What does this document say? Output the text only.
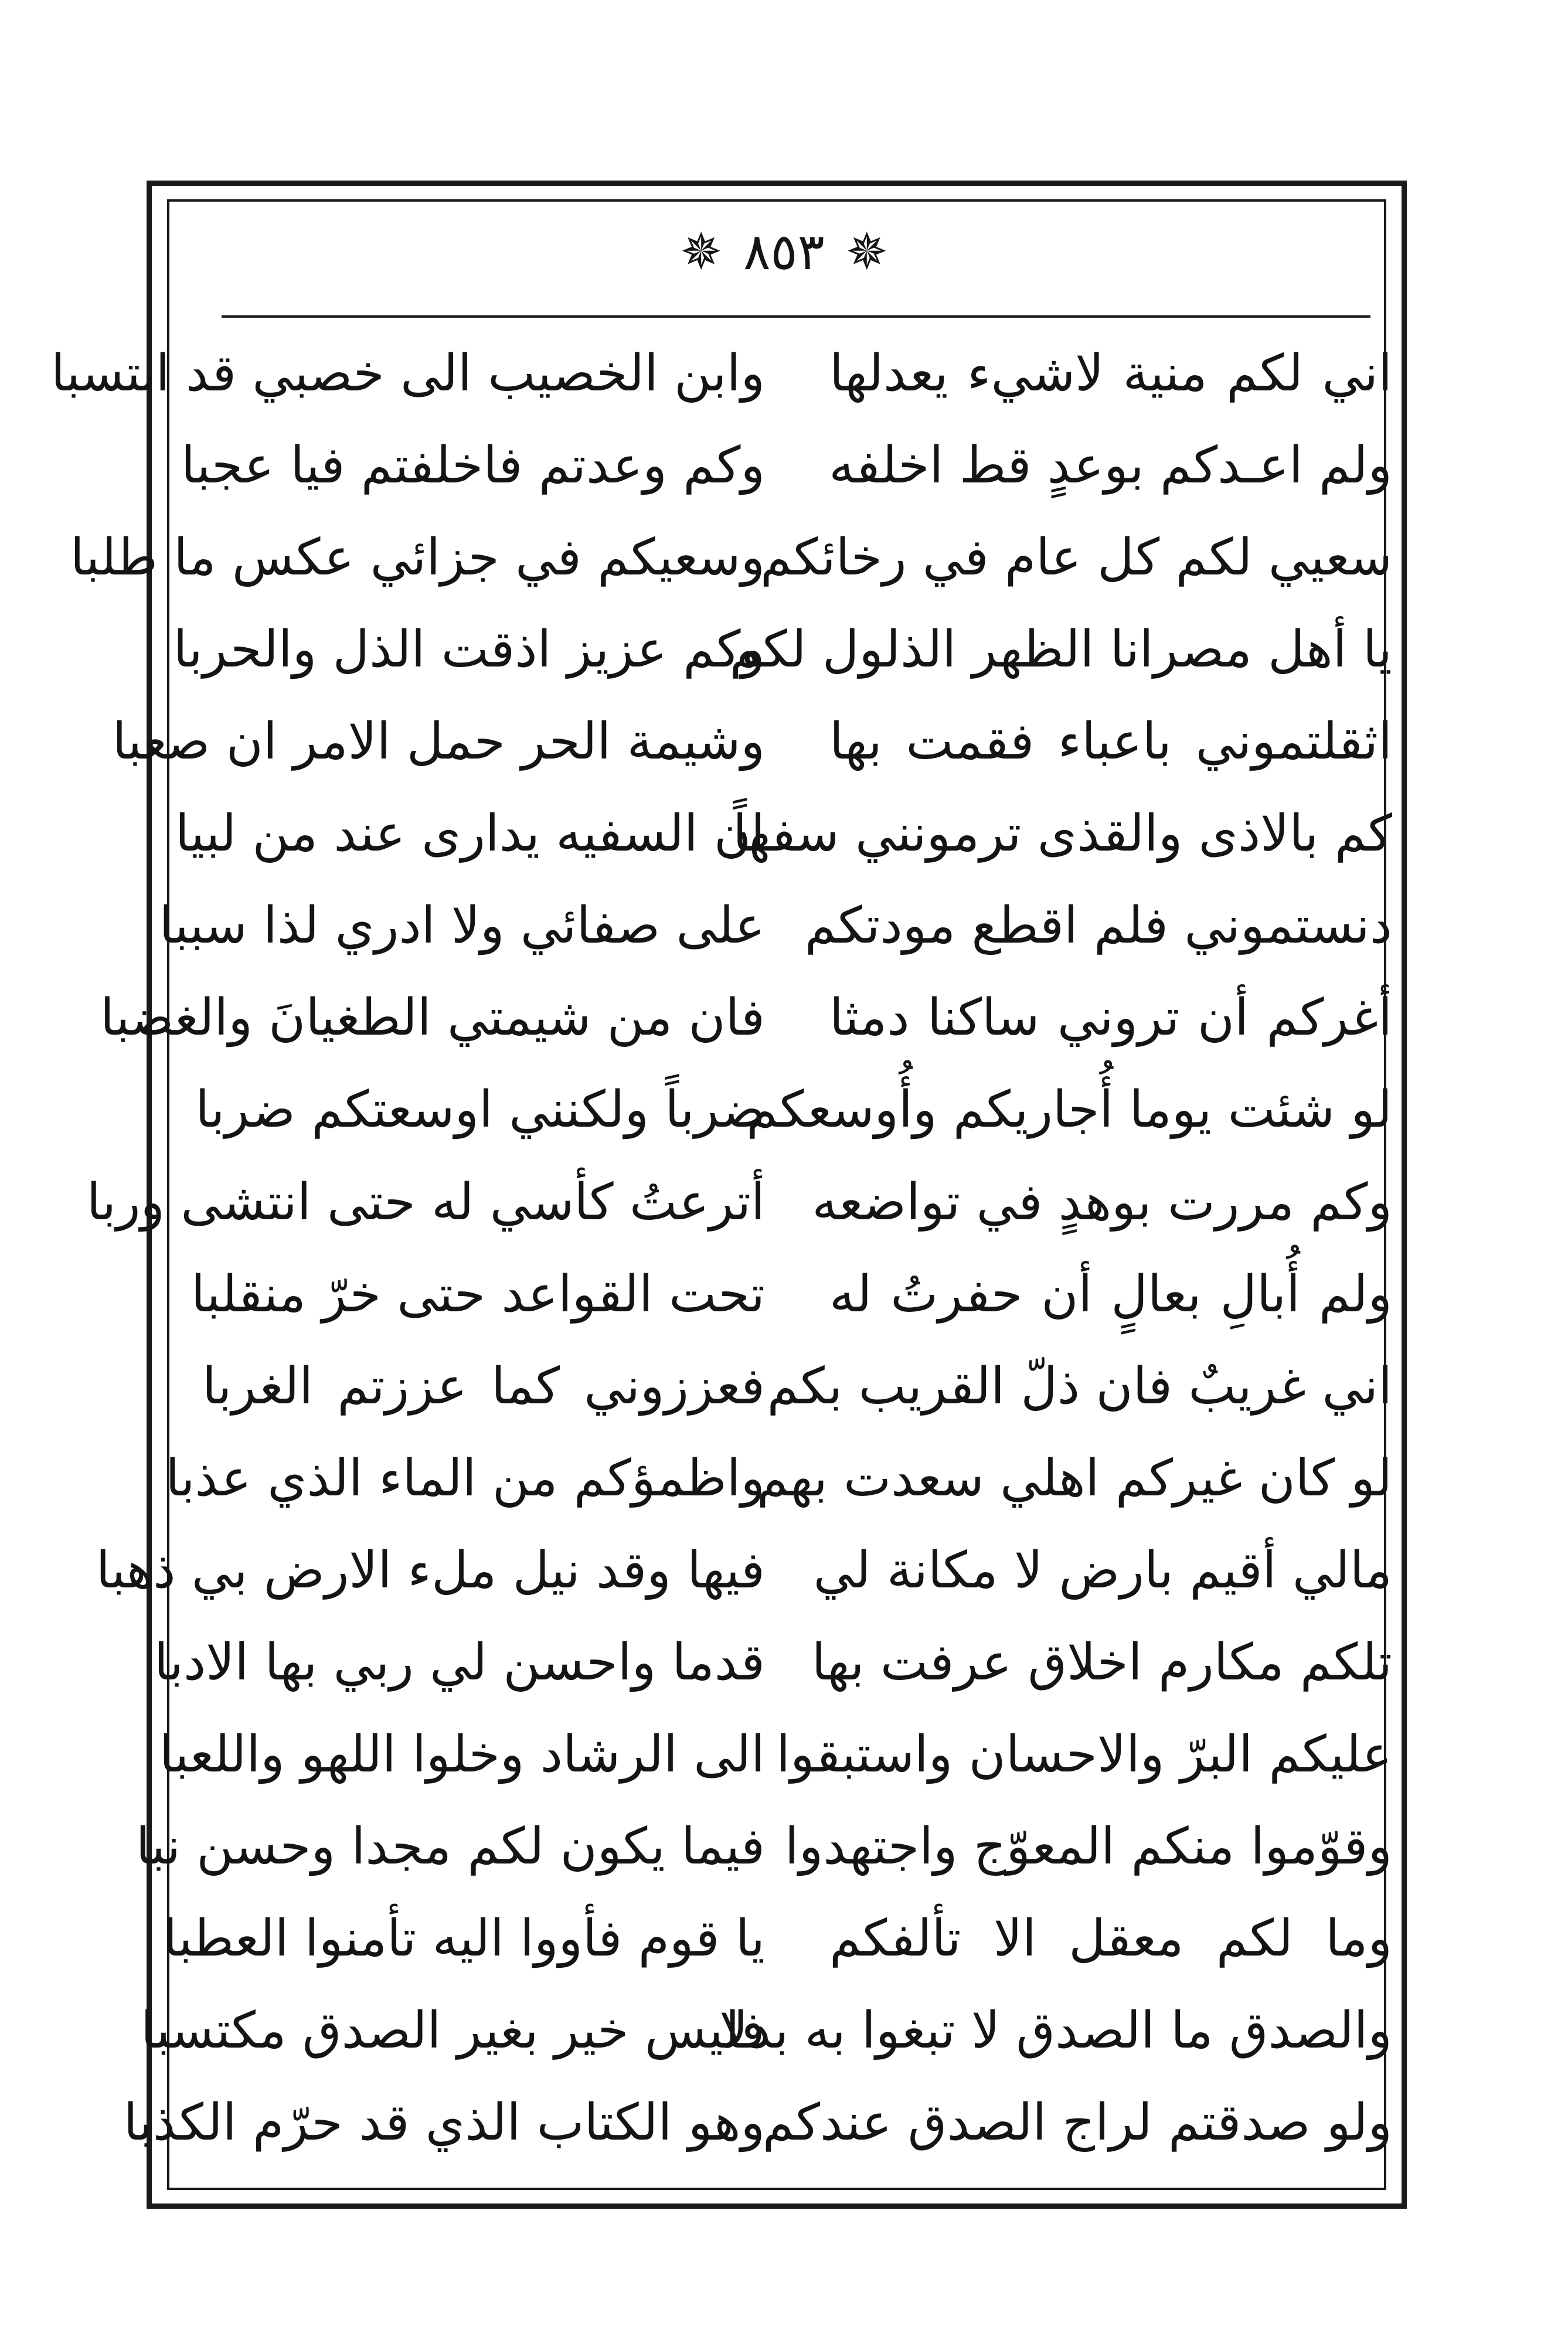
✵
٨٥٣
✵
اني لكم منية لاشيء يعدلها
وابن الخصيب الى خصبي قد انتسبا
ولم اعـدكم بوعدٍ قط اخلفه
وكم وعدتم فاخلفتم فيا عجبا
سعيي لكم كل عام في رخائكم
وسعيكم في جزائي عكس ما طلبا
يا أهل مصرانا الظهر الذلول لكم
وكم عزيز اذقت الذل والحربا
اثقلتموني باعباء فقمت بها
وشيمة الحر حمل الامر ان صعبا
كم بالاذى والقذى ترمونني سفهاً
ان السفيه يدارى عند من لبيا
دنستموني فلم اقطع مودتكم
على صفائي ولا ادري لذا سببا
أغركم أن تروني ساكنا دمثا
فان من شيمتي الطغيانَ والغضبا
لو شئت يوما أُجاريكم وأُوسعكم
ضرباً ولكنني اوسعتكم ضربا
وكم مررت بوهدٍ في تواضعه
أترعتُ كأسي له حتى انتشى وربا
ولم أُبالِ بعالٍ أن حفرتُ له
تحت القواعد حتى خرّ منقلبا
اني غريبٌ فان ذلّ القريب بكم
فعززوني كما عززتم الغربا
لو كان غيركم اهلي سعدت بهم
واظمؤكم من الماء الذي عذبا
مالي أقيم بارض لا مكانة لي
فيها وقد نيل ملء الارض بي ذهبا
تلكم مكارم اخلاق عرفت بها
قدما واحسن لي ربي بها الادبا
عليكم البرّ والاحسان واستبقوا
الى الرشاد وخلوا اللهو واللعبا
وقوّموا منكم المعوّج واجتهدوا
فيما يكون لكم مجدا وحسن نبا
وما لكم معقل الا تألفكم
يا قوم فأووا اليه تأمنوا العطبا
والصدق ما الصدق لا تبغوا به بدلا
فليس خير بغير الصدق مكتسبا
ولو صدقتم لراج الصدق عندكم
وهو الكتاب الذي قد حرّم الكذبا
